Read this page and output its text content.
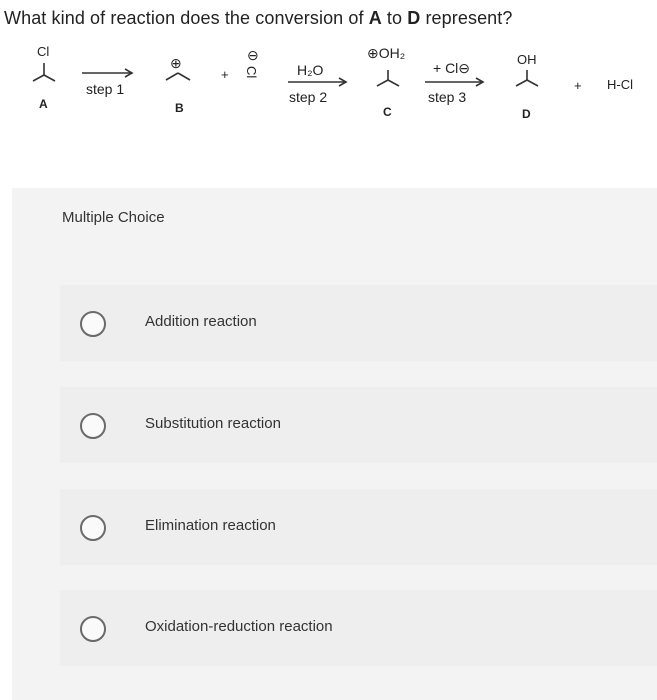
What kind of reaction does the conversion of A to D represent?
Cl
A
step 1
⊕
B
+
⊖
Cl	H₂O
step 2
⊕OH₂
C
+ Cl⊖
step 3
OH
D
+ H-Cl
Multiple Choice
Addition reaction
Substitution reaction
Elimination reaction
Oxidation-reduction reaction
